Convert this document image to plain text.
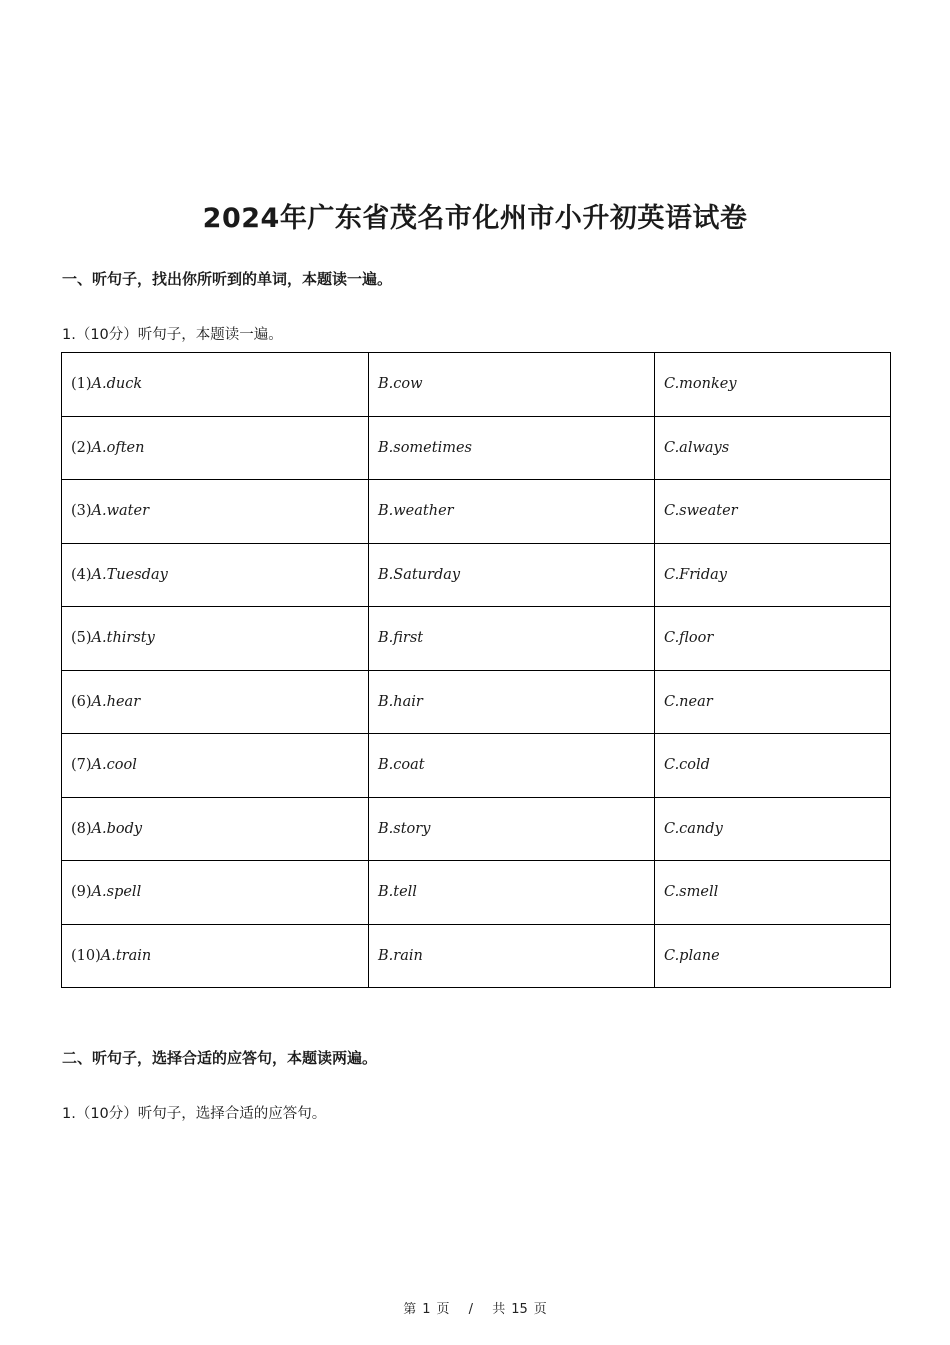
2024年广东省茂名市化州市小升初英语试卷
一、听句子，找出你所听到的单词，本题读一遍。
1.（10分）听句子，本题读一遍。
(1)A.duck	B.cow	C.monkey
(2)A.often	B.sometimes	C.always
(3)A.water	B.weather	C.sweater
(4)A.Tuesday	B.Saturday	C.Friday
(5)A.thirsty	B.first	C.floor
(6)A.hear	B.hair	C.near
(7)A.cool	B.coat	C.cold
(8)A.body	B.story	C.candy
(9)A.spell	B.tell	C.smell
(10)A.train	B.rain	C.plane
二、听句子，选择合适的应答句，本题读两遍。
1.（10分）听句子，选择合适的应答句。
第 1 页 / 共 15 页
